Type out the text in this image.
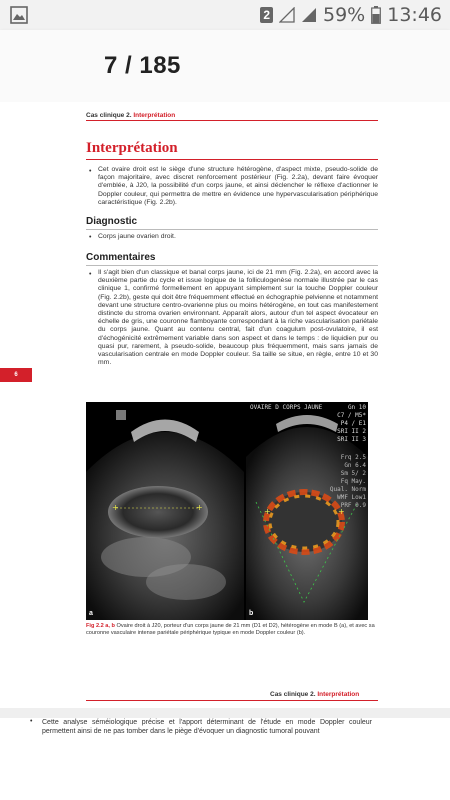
2	59% 13:46
7 / 185
Cas clinique 2. Interprétation
Interprétation
• Cet ovaire droit est le siège d'une structure hétérogène, d'aspect mixte, pseudo-solide de façon majoritaire, avec discret renforcement postérieur (Fig. 2.2a), devant faire évoquer d'emblée, à J20, la possibilité d'un corps jaune, et ainsi déclencher le réflexe d'actionner le Doppler couleur, qui permettra de mettre en évidence une hypervascularisation périphérique caractéristique (Fig. 2.2b).
Diagnostic
• Corps jaune ovarien droit.
Commentaires
• Il s'agit bien d'un classique et banal corps jaune, ici de 21 mm (Fig. 2.2a), en accord avec la deuxième partie du cycle et issue logique de la folliculogenèse normale illustrée par le cas clinique 1, confirmé formellement en appuyant simplement sur la touche Doppler couleur (Fig. 2.2b), geste qui doit être fréquemment effectué en échographie pelvienne et notamment devant une structure centro-ovarienne plus ou moins hétérogène, en tout cas manifestement distincte du stroma ovarien environnant. Apparaît alors, autour d'un tel aspect évocateur en échelle de gris, une couronne flamboyante correspondant à la riche vascularisation pariétale du corps jaune. Quant au contenu central, fait d'un coagulum post-ovulatoire, il est d'échogénicité extrêmement variable dans son aspect et dans le temps : de liquidien pur ou quasi pur, rarement, à pseudo-solide, beaucoup plus fréquemment, mais sans jamais de vascularisation centrale en mode Doppler couleur. Sa taille se situe, en règle, entre 10 et 30 mm.
6
+	+
a
+	+
OVAIRE D CORPS JAUNE	Gn 10
C7 / M5*
P4 / E1
SRI II 2
SRI II 3
Frq 2.5
Gn 6.4
Sm 5/ 2
Fq May.
Qual. Norm
WMF Low1
PRF 0.9
b
Fig 2.2 a, b Ovaire droit à J20, porteur d'un corps jaune de 21 mm (D1 et D2), hétérogène en mode B (a), et avec sa couronne vasculaire intense pariétale périphérique typique en mode Doppler couleur (b).
Cas clinique 2. Interprétation
• Cette analyse séméiologique précise et l'apport déterminant de l'étude en mode Doppler couleur permettent ainsi de ne pas tomber dans le piège d'évoquer un diagnostic tumoral pouvant
